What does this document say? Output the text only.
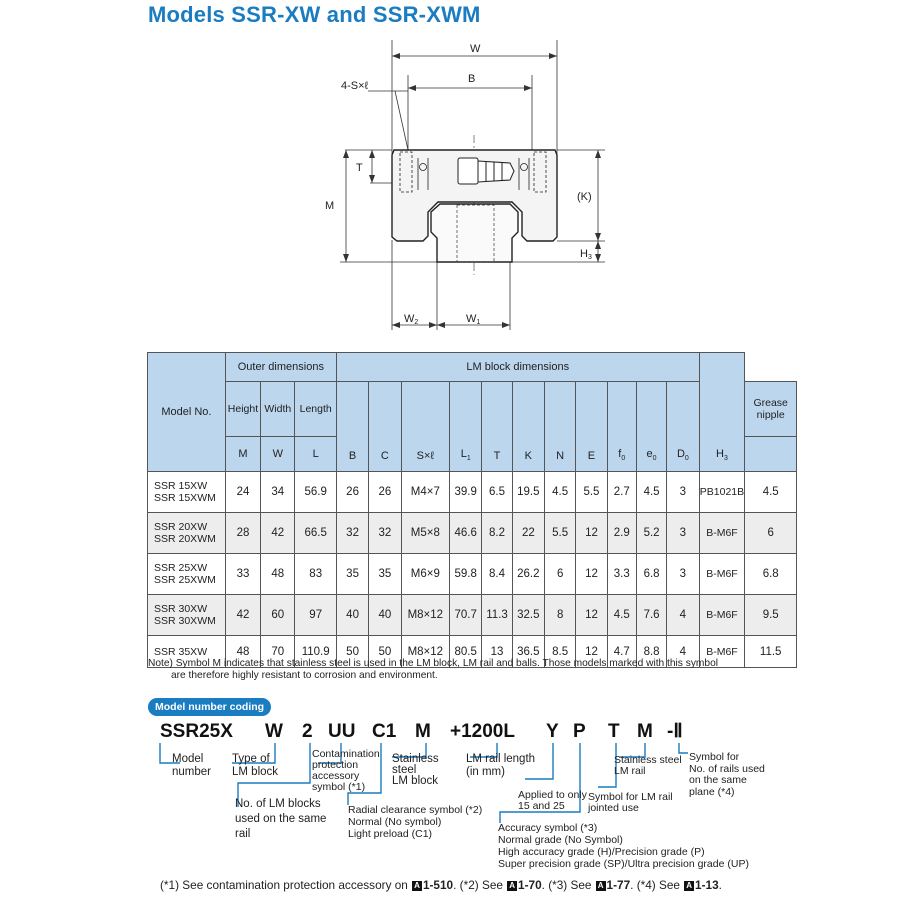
Models SSR-XW and SSR-XWM
W
B
4-S×ℓ
T
M
(K)
H3
W2	W1
Model No.	Outer dimensions			LM block dimensions											$H_3$
	Height	Width	Length	B	C	S×ℓ	$L_1$	T	K	N	E	$f_0$	$e_0$	$D_0$		Grease nipple
	M	W	L													

SSR 15XW
SSR 15XWM	24	34	56.9	26	26	M4×7	39.9	6.5	19.5	4.5	5.5	2.7	4.5	3	PB1021B	4.5

SSR 20XW
SSR 20XWM	28	42	66.5	32	32	M5×8	46.6	8.2	22	5.5	12	2.9	5.2	3	B-M6F	6

SSR 25XW
SSR 25XWM	33	48	83	35	35	M6×9	59.8	8.4	26.2	6	12	3.3	6.8	3	B-M6F	6.8

SSR 30XW
SSR 30XWM	42	60	97	40	40	M8×12	70.7	11.3	32.5	8	12	4.5	7.6	4	B-M6F	9.5

SSR 35XW	48	70	110.9	50	50	M8×12	80.5	13	36.5	8.5	12	4.7	8.8	4	B-M6F	11.5
Note) Symbol M indicates that stainless steel is used in the LM block, LM rail and balls. Those models marked with this symbol
are therefore highly resistant to corrosion and environment.
Model number coding
SSR25X W 2 UU C1 M +1200L Y P T M -Ⅱ
Model
number
Type of
LM block
Contamination
protection
accessory
symbol (*1)
Stainless
steel
LM block
LM rail length
(in mm)
Applied to only
15 and 25
Symbol for LM rail
jointed use
Stainless steel
LM rail
Symbol for
No. of rails used
on the same
plane (*4)
No. of LM blocks
used on the same
rail
Radial clearance symbol (*2)
Normal (No symbol)
Light preload (C1)	Accuracy symbol (*3)
Normal grade (No Symbol)
High accuracy grade (H)/Precision grade (P)
Super precision grade (SP)/Ultra precision grade (UP)
(*1) See contamination protection accessory on A 1-510. (*2) See A 1-70. (*3) See A 1-77. (*4) See A 1-13.
